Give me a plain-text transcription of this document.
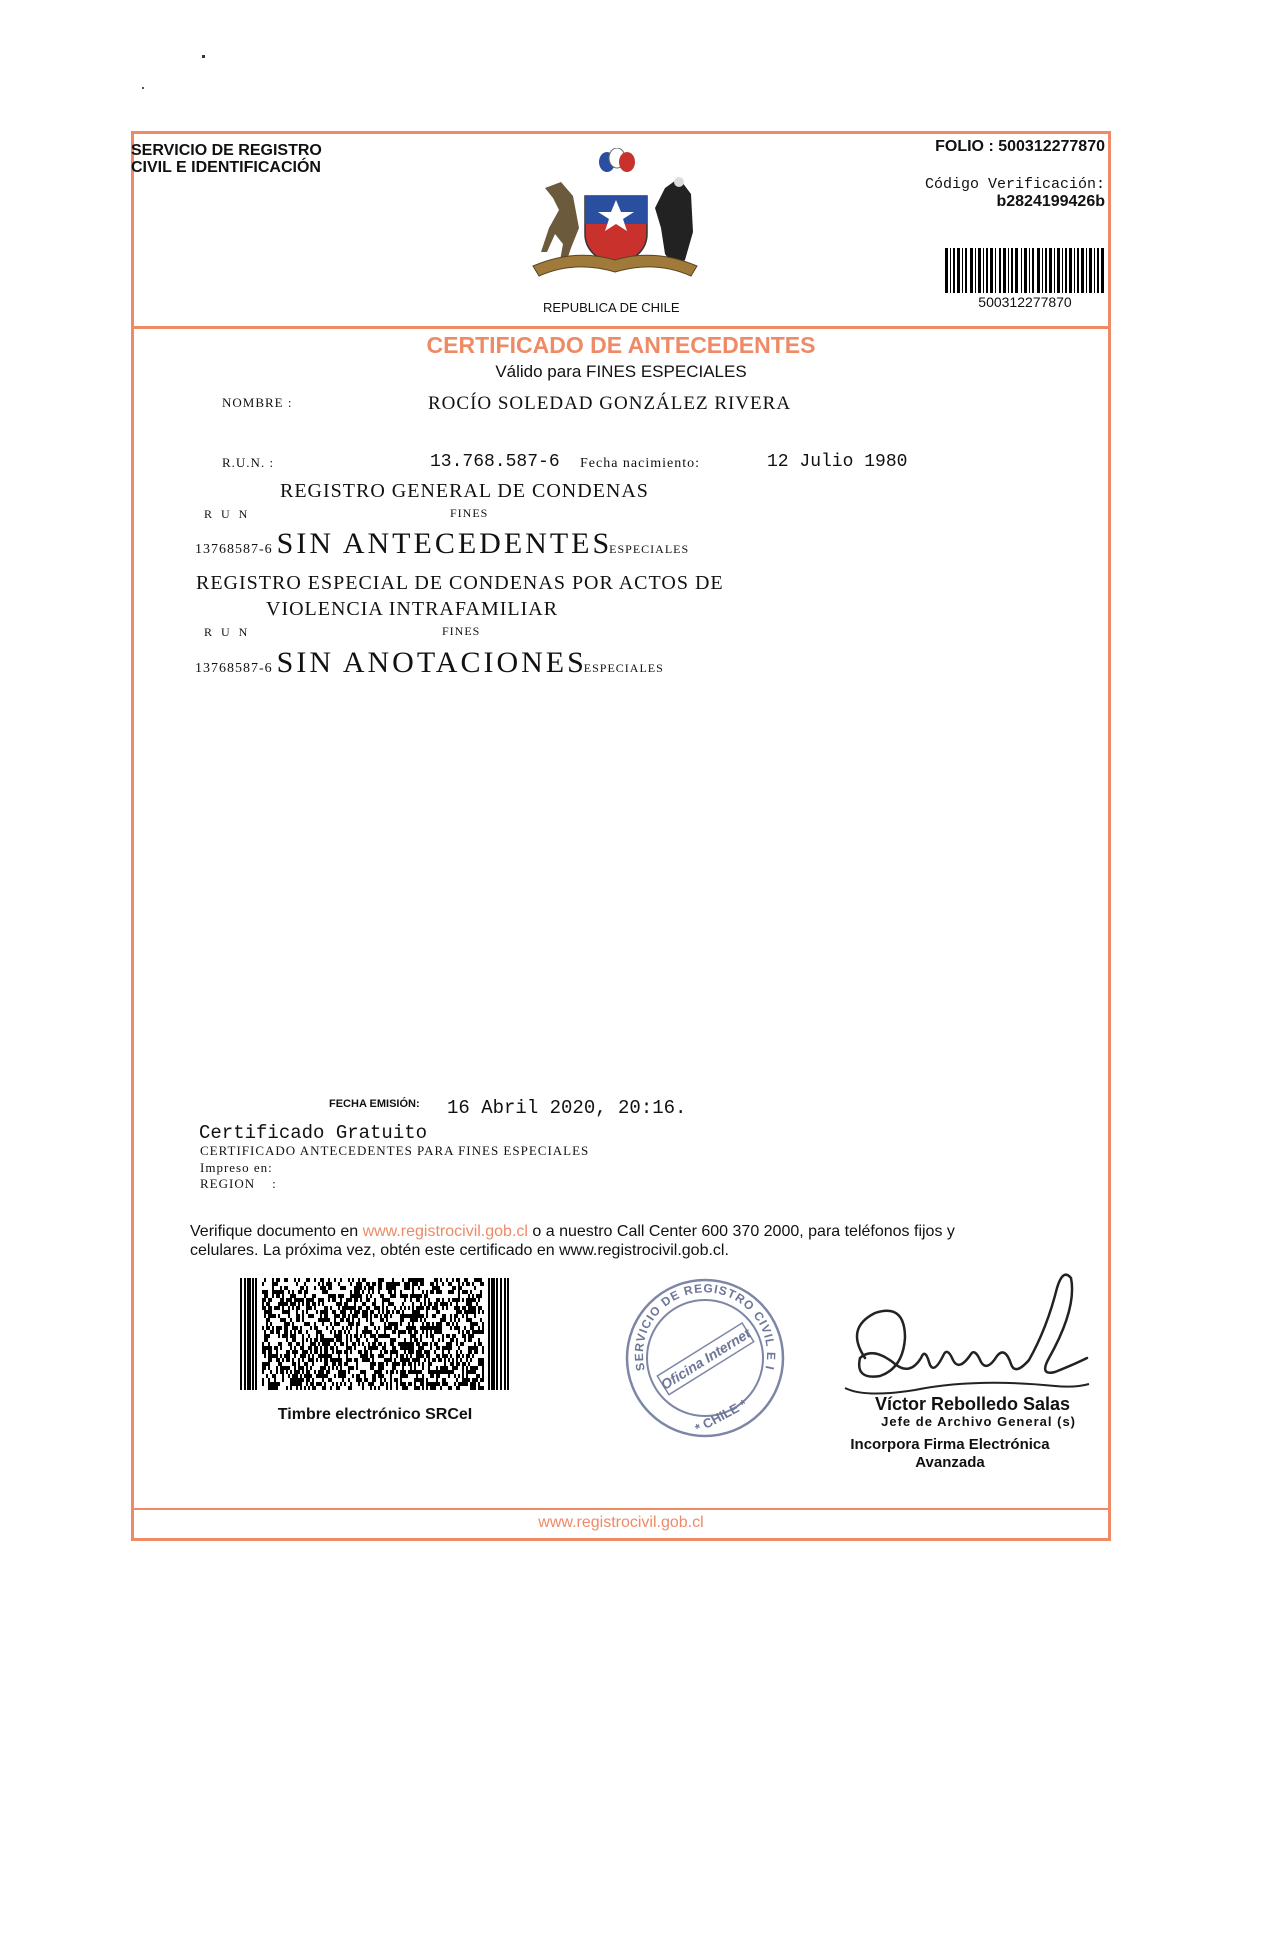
SERVICIO DE REGISTRO
CIVIL E IDENTIFICACIÓN
REPUBLICA DE CHILE
FOLIO : 500312277870
Código Verificación:
b2824199426b
500312277870
CERTIFICADO DE ANTECEDENTES
Válido para FINES ESPECIALES
NOMBRE :	ROCÍO SOLEDAD GONZÁLEZ RIVERA
R.U.N. :	13.768.587-6 Fecha nacimiento:	12 Julio 1980
REGISTRO GENERAL DE CONDENAS
R U N	FINES
13768587-6 SIN ANTECEDENTESESPECIALES
REGISTRO ESPECIAL DE CONDENAS POR ACTOS DE
VIOLENCIA INTRAFAMILIAR
R U N	FINES
13768587-6 SIN ANOTACIONESESPECIALES
FECHA EMISIÓN: 16 Abril 2020, 20:16.
Certificado Gratuito
CERTIFICADO ANTECEDENTES PARA FINES ESPECIALES
Impreso en:
REGION    :
Verifique documento en www.registrocivil.gob.cl o a nuestro Call Center 600 370 2000, para teléfonos fijos y
celulares. La próxima vez, obtén este certificado en www.registrocivil.gob.cl.
Timbre electrónico SRCeI
SERVICIO DE REGISTRO CIVIL E I
Oficina Internet
* CHILE *	Víctor Rebolledo Salas
Jefe de Archivo General (s)
Incorpora Firma Electrónica
Avanzada
www.registrocivil.gob.cl
